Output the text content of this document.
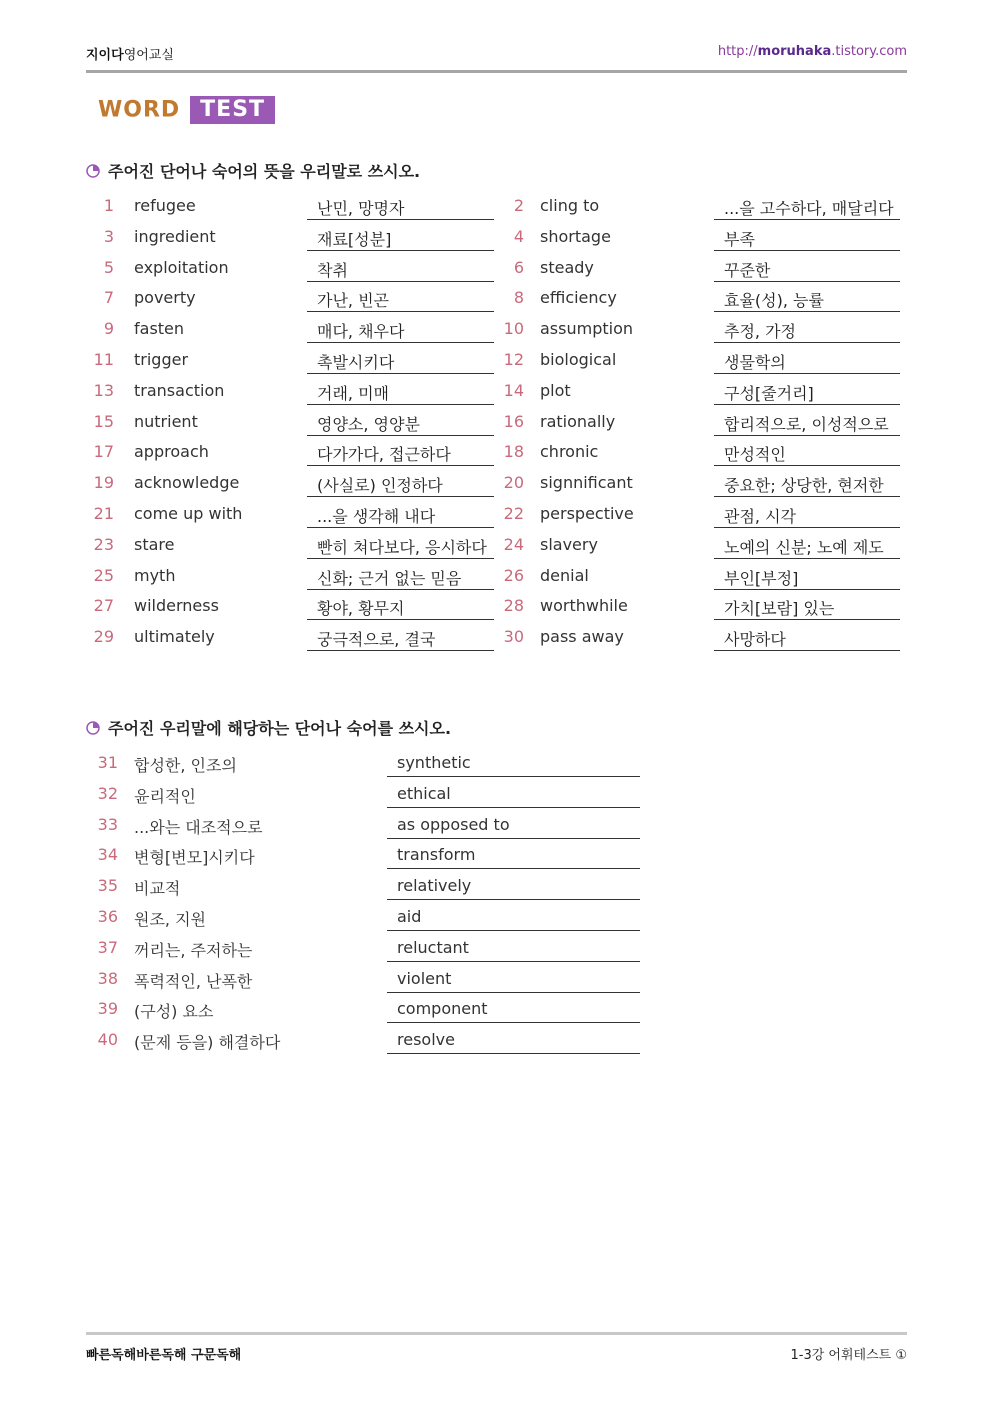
지이다영어교실	http://moruhaka.tistory.com
WORD TEST
주어진 단어나 숙어의 뜻을 우리말로 쓰시오.
1 refugee	난민, 망명자	2 cling to	...을 고수하다, 매달리다
3 ingredient	재료[성분]	4 shortage	부족
5 exploitation	착취	6 steady	꾸준한
7 poverty	가난, 빈곤	8 efficiency	효율(성), 능률
9 fasten	매다, 채우다	10 assumption	추정, 가정
11 trigger	촉발시키다	12 biological	생물학의
13 transaction	거래, 미매	14 plot	구성[줄거리]
15 nutrient	영양소, 영양분	16 rationally	합리적으로, 이성적으로
17 approach	다가가다, 접근하다	18 chronic	만성적인
19 acknowledge	(사실로) 인정하다	20 signnificant	중요한; 상당한, 현저한
21 come up with	...을 생각해 내다	22 perspective	관점, 시각
23 stare	빤히 쳐다보다, 응시하다	24 slavery	노예의 신분; 노예 제도
25 myth	신화; 근거 없는 믿음	26 denial	부인[부정]
27 wilderness	황야, 황무지	28 worthwhile	가치[보람] 있는
29 ultimately	궁극적으로, 결국	30 pass away	사망하다
주어진 우리말에 해당하는 단어나 숙어를 쓰시오.
31 합성한, 인조의	synthetic
32 윤리적인	ethical
33 ...와는 대조적으로	as opposed to
34 변형[변모]시키다	transform
35 비교적	relatively
36 원조, 지원	aid
37 꺼리는, 주저하는	reluctant
38 폭력적인, 난폭한	violent
39 (구성) 요소	component
40 (문제 등을) 해결하다	resolve
빠른독해바른독해 구문독해	1-3강 어휘테스트 ①
